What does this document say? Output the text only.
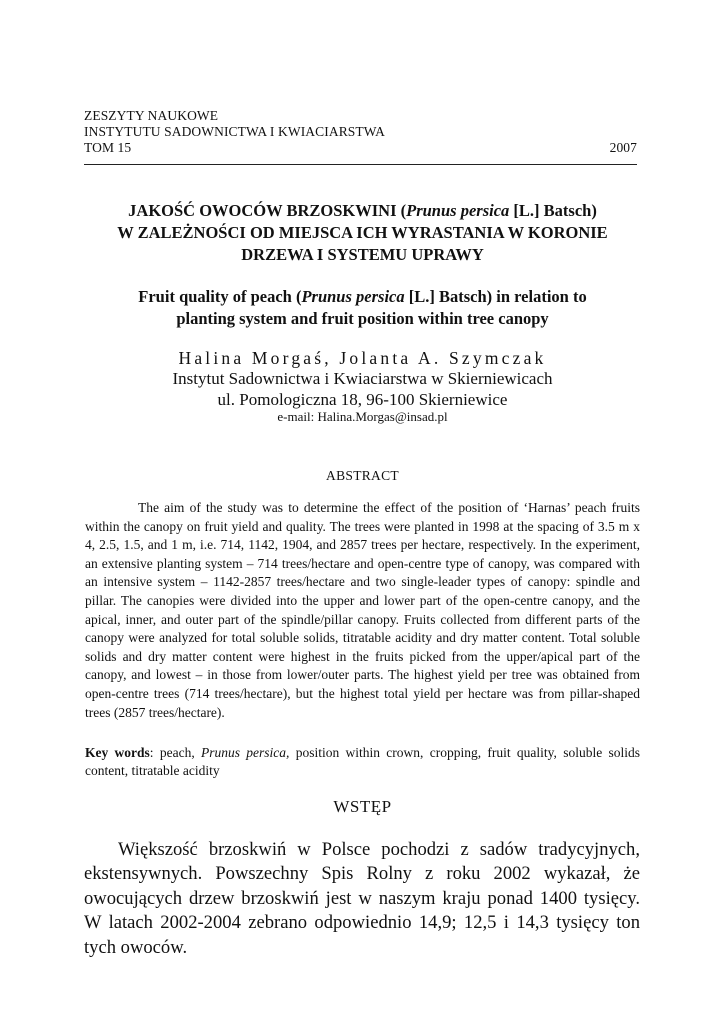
ZESZYTY NAUKOWE
INSTYTUTU SADOWNICTWA I KWIACIARSTWA
TOM 15	2007
JAKOŚĆ OWOCÓW BRZOSKWINI (Prunus persica [L.] Batsch)
W ZALEŻNOŚCI OD MIEJSCA ICH WYRASTANIA W KORONIE
DRZEWA I SYSTEMU UPRAWY
Fruit quality of peach (Prunus persica [L.] Batsch) in relation to
planting system and fruit position within tree canopy
Halina Morgaś, Jolanta A. Szymczak
Instytut Sadownictwa i Kwiaciarstwa w Skierniewicach
ul. Pomologiczna 18, 96-100 Skierniewice
e-mail: Halina.Morgas@insad.pl
ABSTRACT

The aim of the study was to determine the effect of the position of ‘Harnas’ peach fruits within the canopy on fruit yield and quality. The trees were planted in 1998 at the spacing of 3.5 m x 4, 2.5, 1.5, and 1 m, i.e. 714, 1142, 1904, and 2857 trees per hectare, respectively. In the experiment, an extensive planting system – 714 trees/hectare and open-centre type of canopy, was compared with an intensive system – 1142-2857 trees/hectare and two single-leader types of canopy: spindle and pillar. The canopies were divided into the upper and lower part of the open-centre canopy, and the apical, inner, and outer part of the spindle/pillar canopy. Fruits collected from different parts of the canopy were analyzed for total soluble solids, titratable acidity and dry matter content. Total soluble solids and dry matter content were highest in the fruits picked from the upper/apical part of the canopy, and lowest – in those from lower/outer parts. The highest yield per tree was obtained from open-centre trees (714 trees/hectare), but the highest total yield per hectare was from pillar-shaped trees (2857 trees/hectare).

Key words: peach, Prunus persica, position within crown, cropping, fruit quality, soluble solids content, titratable acidity
WSTĘP

Większość brzoskwiń w Polsce pochodzi z sadów tradycyjnych, ekstensywnych. Powszechny Spis Rolny z roku 2002 wykazał, że owocujących drzew brzoskwiń jest w naszym kraju ponad 1400 tysięcy. W latach 2002-2004 zebrano odpowiednio 14,9; 12,5 i 14,3 tysięcy ton tych owoców.
